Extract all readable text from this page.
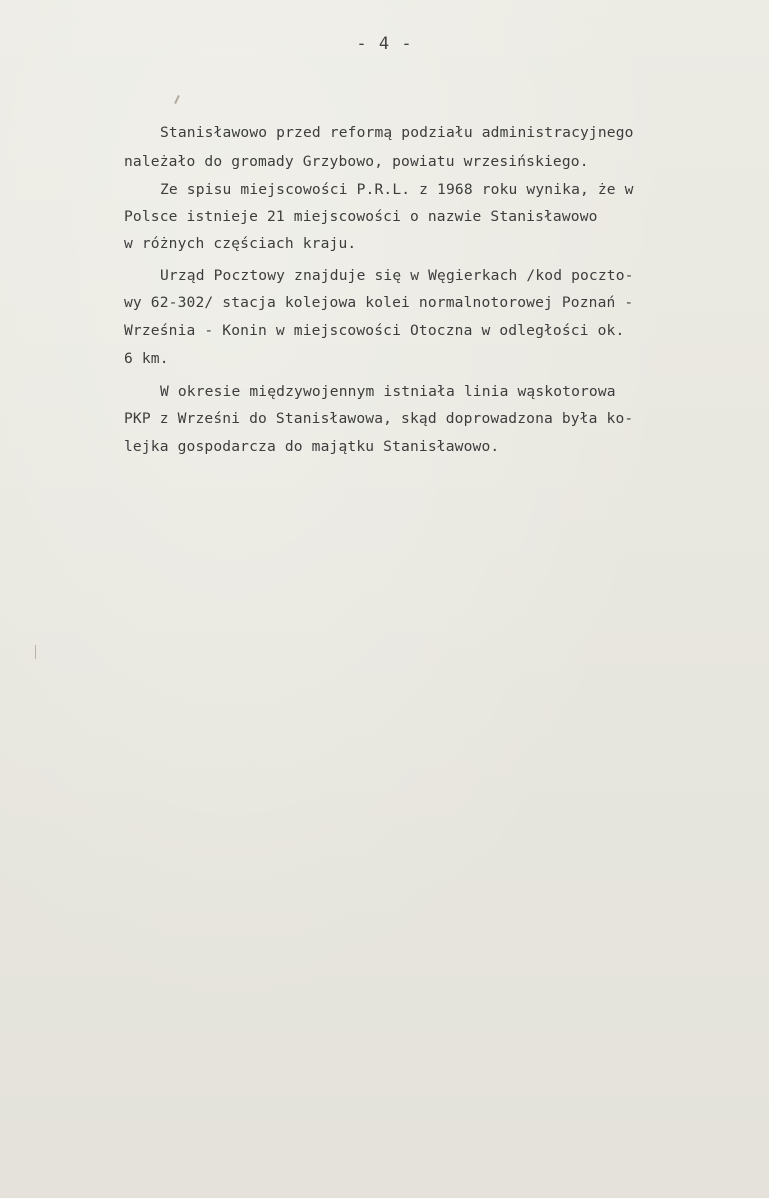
- 4 -
Stanisławowo przed reformą podziału administracyjnego
należało do gromady Grzybowo, powiatu wrzesińskiego.
Ze spisu miejscowości P.R.L. z 1968 roku wynika, że w
Polsce istnieje 21 miejscowości o nazwie Stanisławowo
w różnych częściach kraju.
Urząd Pocztowy znajduje się w Węgierkach /kod poczto-
wy 62-302/ stacja kolejowa kolei normalnotorowej Poznań -
Września - Konin w miejscowości Otoczna w odległości ok.
6 km.
W okresie międzywojennym istniała linia wąskotorowa
PKP z Wrześni do Stanisławowa, skąd doprowadzona była ko-
lejka gospodarcza do majątku Stanisławowo.
